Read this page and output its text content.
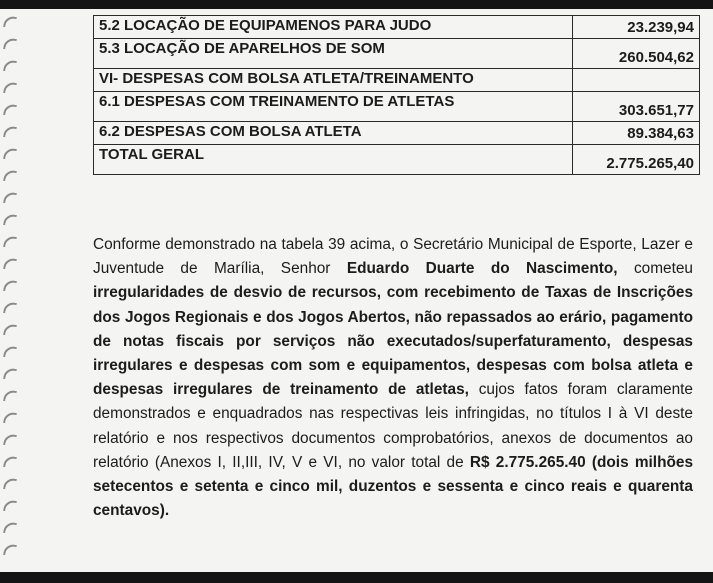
5.2 LOCAÇÃO DE EQUIPAMENOS PARA JUDO	23.239,94
5.3 LOCAÇÃO DE APARELHOS DE SOM	260.504,62
VI- DESPESAS COM BOLSA ATLETA/TREINAMENTO	
6.1 DESPESAS COM TREINAMENTO DE ATLETAS	303.651,77
6.2 DESPESAS COM BOLSA ATLETA	89.384,63
TOTAL GERAL	2.775.265,40

Conforme demonstrado na tabela 39 acima, o Secretário Municipal de Esporte, Lazer e Juventude de Marília, Senhor Eduardo Duarte do Nascimento, cometeu irregularidades de desvio de recursos, com recebimento de Taxas de Inscrições dos Jogos Regionais e dos Jogos Abertos, não repassados ao erário, pagamento de notas fiscais por serviços não executados/superfaturamento, despesas irregulares e despesas com som e equipamentos, despesas com bolsa atleta e despesas irregulares de treinamento de atletas, cujos fatos foram claramente demonstrados e enquadrados nas respectivas leis infringidas, no títulos I à VI deste relatório e nos respectivos documentos comprobatórios, anexos de documentos ao relatório (Anexos I, II,III, IV, V e VI, no valor total de R$ 2.775.265.40 (dois milhões setecentos e setenta e cinco mil, duzentos e sessenta e cinco reais e quarenta centavos).
